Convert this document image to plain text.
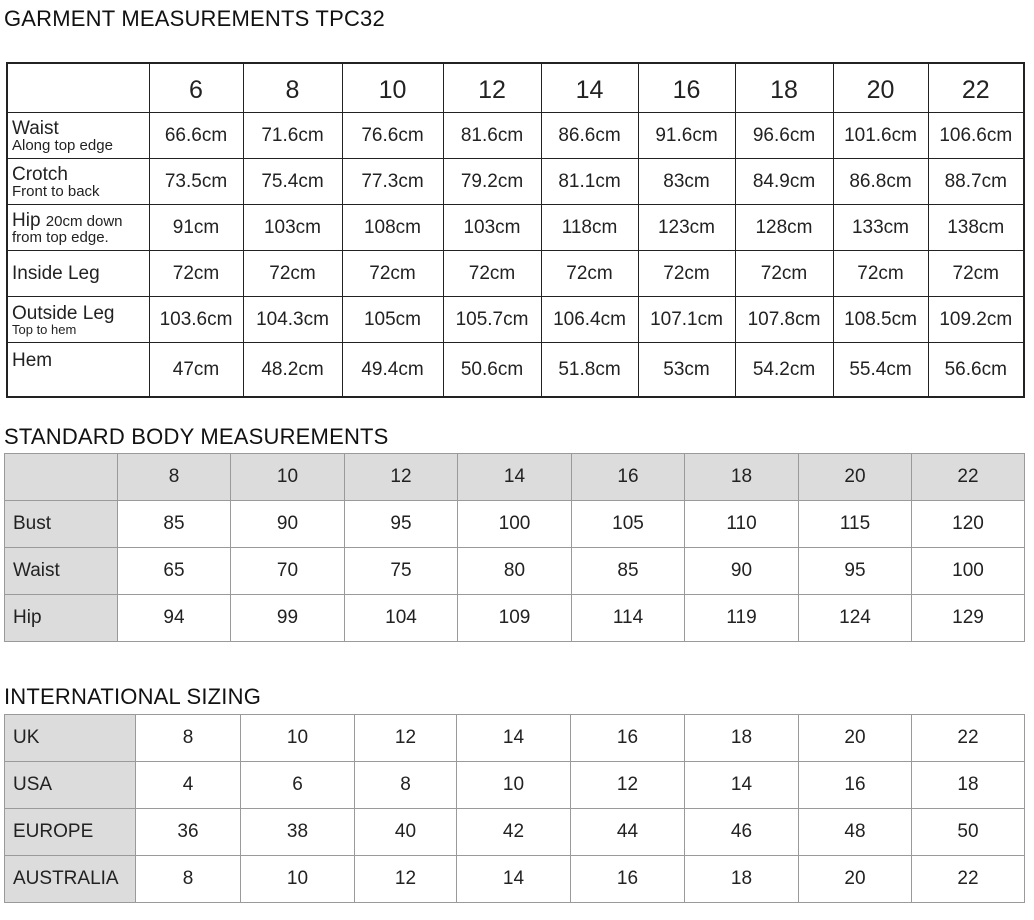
GARMENT MEASUREMENTS TPC32
	6	8	10	12	14	16	18	20	22

Waist
Along top edge	66.6cm	71.6cm	76.6cm	81.6cm	86.6cm	91.6cm	96.6cm	101.6cm	106.6cm

Crotch
Front to back	73.5cm	75.4cm	77.3cm	79.2cm	81.1cm	83cm	84.9cm	86.8cm	88.7cm

Hip 20cm down
from top edge.	91cm	103cm	108cm	103cm	118cm	123cm	128cm	133cm	138cm

Inside Leg	72cm	72cm	72cm	72cm	72cm	72cm	72cm	72cm	72cm

Outside Leg
Top to hem	103.6cm	104.3cm	105cm	105.7cm	106.4cm	107.1cm	107.8cm	108.5cm	109.2cm

Hem	47cm	48.2cm	49.4cm	50.6cm	51.8cm	53cm	54.2cm	55.4cm	56.6cm
STANDARD BODY MEASUREMENTS
	8	10	12	14	16	18	20	22
Bust	85	90	95	100	105	110	115	120
Waist	65	70	75	80	85	90	95	100
Hip	94	99	104	109	114	119	124	129
INTERNATIONAL SIZING
UK	8	10	12	14	16	18	20	22
USA	4	6	8	10	12	14	16	18
EUROPE	36	38	40	42	44	46	48	50
AUSTRALIA	8	10	12	14	16	18	20	22
